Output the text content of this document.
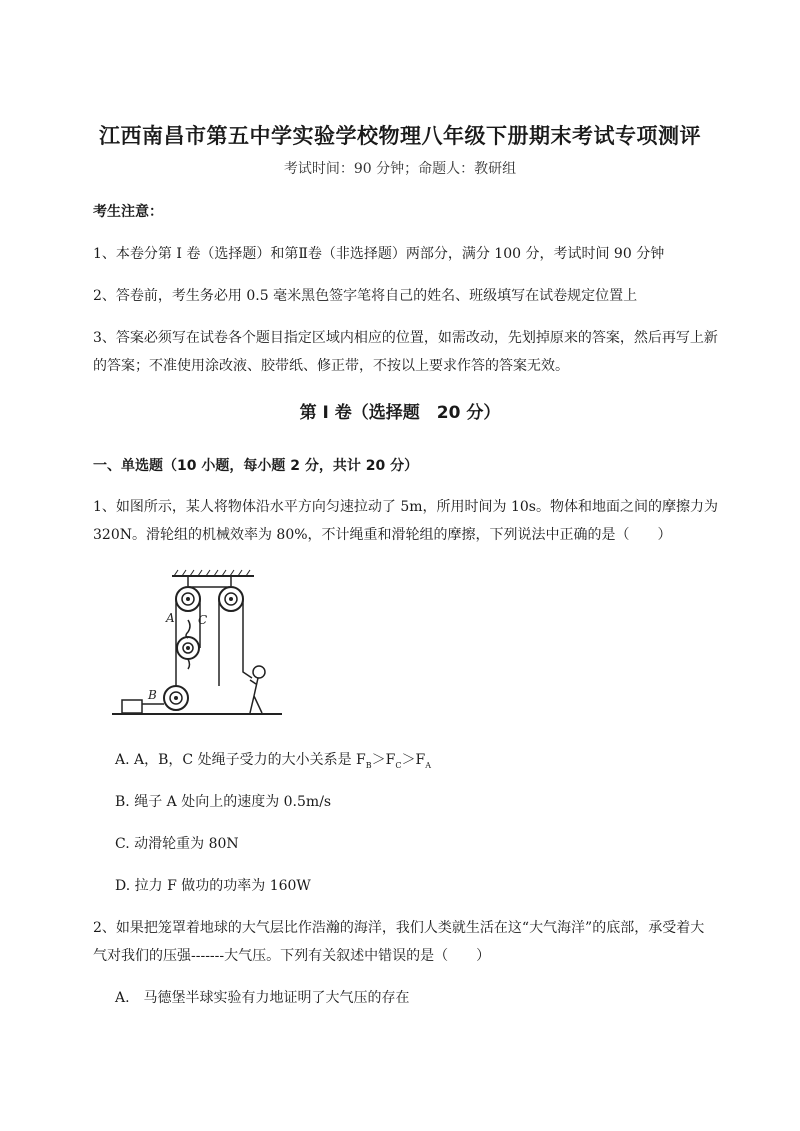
江西南昌市第五中学实验学校物理八年级下册期末考试专项测评
考试时间：90 分钟；命题人：教研组
考生注意：
1、本卷分第 I 卷（选择题）和第Ⅱ卷（非选择题）两部分，满分 100 分，考试时间 90 分钟
2、答卷前，考生务必用 0.5 毫米黑色签字笔将自己的姓名、班级填写在试卷规定位置上
3、答案必须写在试卷各个题目指定区域内相应的位置，如需改动，先划掉原来的答案，然后再写上新
的答案；不准使用涂改液、胶带纸、修正带，不按以上要求作答的答案无效。
第 I 卷（选择题　20 分）
一、单选题（10 小题，每小题 2 分，共计 20 分）
1、如图所示，某人将物体沿水平方向匀速拉动了 5m，所用时间为 10s。物体和地面之间的摩擦力为
320N。滑轮组的机械效率为 80%，不计绳重和滑轮组的摩擦，下列说法中正确的是（　　）
A C
B
A. A，B，C 处绳子受力的大小关系是 $F_B>F_C>F_A$
B. 绳子 A 处向上的速度为 0.5m/s
C. 动滑轮重为 80N
D. 拉力 F 做功的功率为 160W
2、如果把笼罩着地球的大气层比作浩瀚的海洋，我们人类就生活在这“大气海洋”的底部，承受着大
气对我们的压强-------大气压。下列有关叙述中错误的是（　　）
A.　马德堡半球实验有力地证明了大气压的存在
